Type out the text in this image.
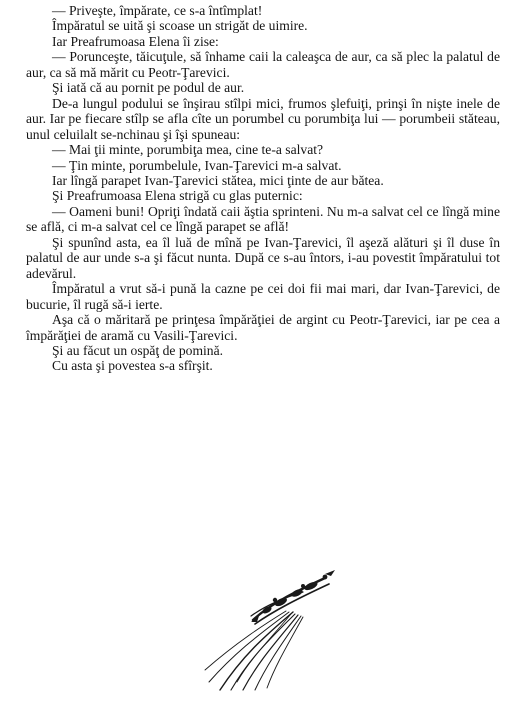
— Priveşte, împărate, ce s-a întîmplat!

Împăratul se uită şi scoase un strigăt de uimire.

Iar Preafrumoasa Elena îi zise:

— Porunceşte, tăicuţule, să înhame caii la caleaşca de aur, ca să plec la palatul de aur, ca să mă mărit cu Peotr-Ţarevici.

Şi iată că au pornit pe podul de aur.

De-a lungul podului se înşirau stîlpi mici, frumos şlefuiţi, prinşi în nişte inele de aur. Iar pe fiecare stîlp se afla cîte un porumbel cu porumbiţa lui — porumbeii stăteau, unul celuilalt se-nchinau şi îşi spuneau:

— Mai ţii minte, porumbiţa mea, cine te-a salvat?

— Ţin minte, porumbelule, Ivan-Ţarevici m-a salvat.

Iar lîngă parapet Ivan-Ţarevici stătea, mici ţinte de aur bătea.

Şi Preafrumoasa Elena strigă cu glas puternic:

— Oameni buni! Opriţi îndată caii ăştia sprinteni. Nu m-a salvat cel ce lîngă mine se află, ci m-a salvat cel ce lîngă parapet se află!

Şi spunînd asta, ea îl luă de mînă pe Ivan-Ţarevici, îl aşeză alături şi îl duse în palatul de aur unde s-a şi făcut nunta. După ce s-au întors, i-au povestit împăratului tot adevărul.

Împăratul a vrut să-i pună la cazne pe cei doi fii mai mari, dar Ivan-Ţarevici, de bucurie, îl rugă să-i ierte.

Aşa că o măritară pe prinţesa împărăţiei de argint cu Peotr-Ţarevici, iar pe cea a împărăţiei de aramă cu Vasili-Ţarevici.

Şi au făcut un ospăţ de pomină.

Cu asta şi povestea s-a sfîrşit.
